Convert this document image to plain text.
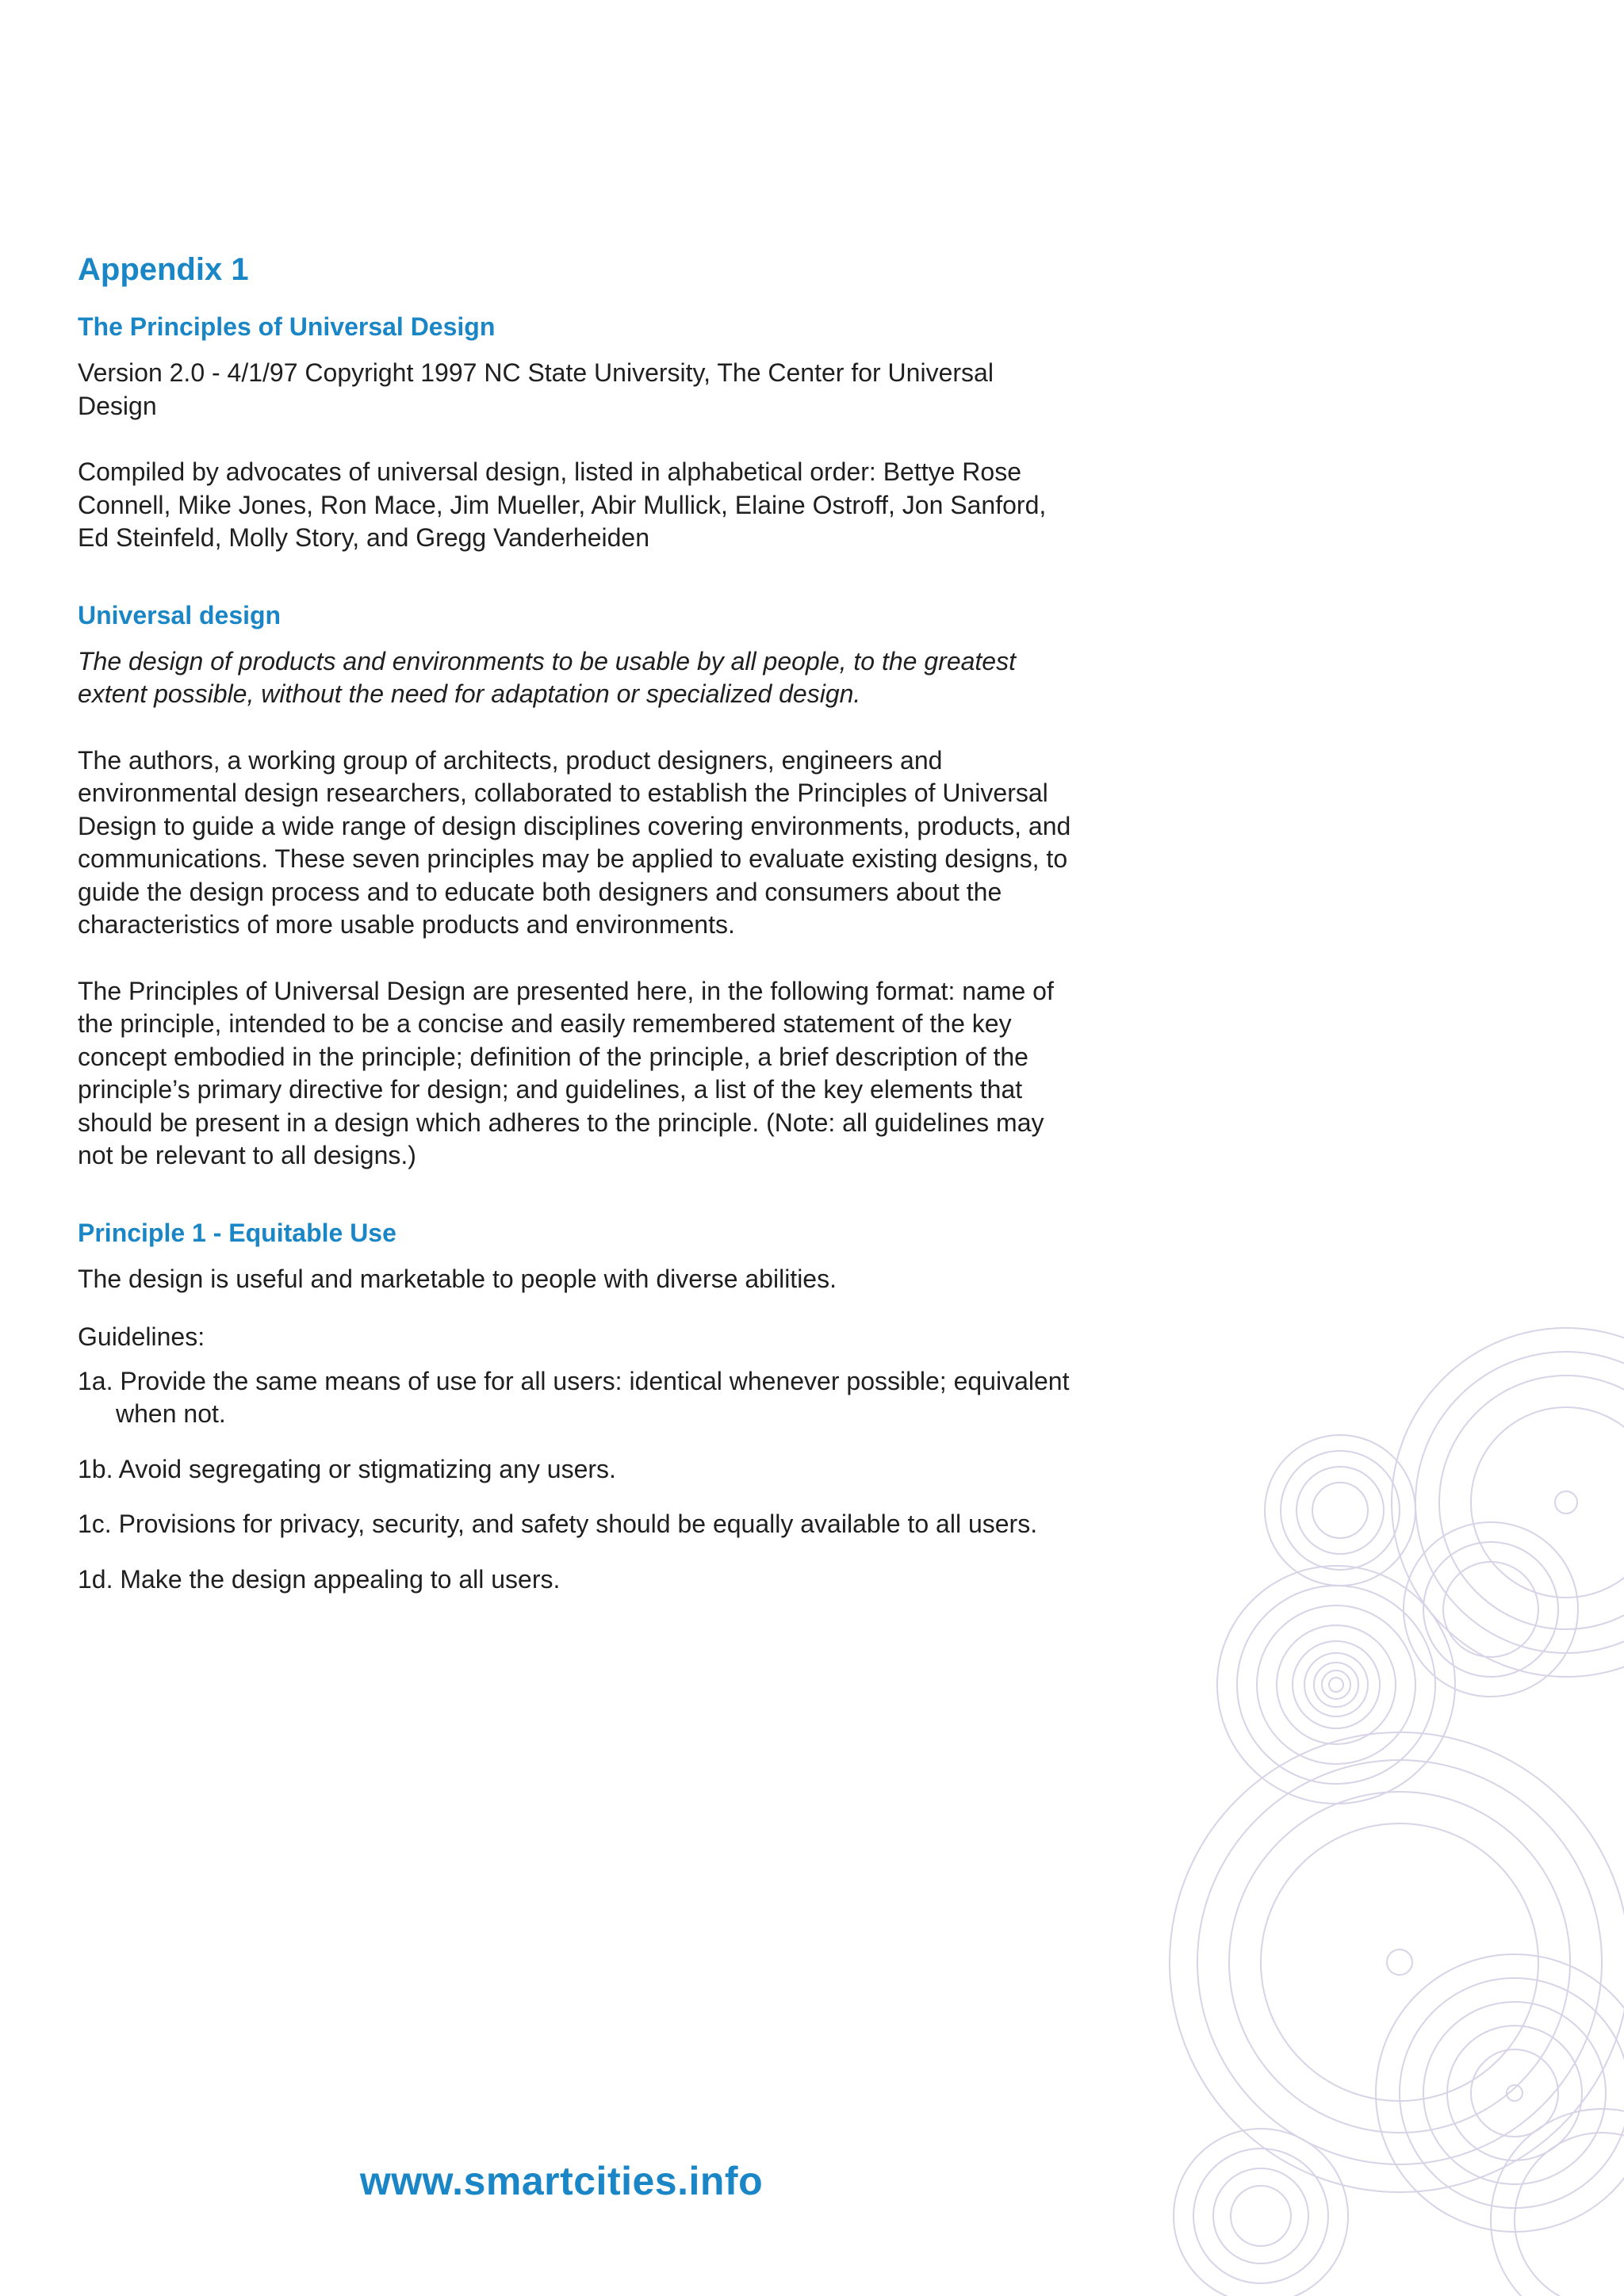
Appendix 1
The Principles of Universal Design

Version 2.0 - 4/1/97 Copyright 1997 NC State University, The Center for Universal Design

Compiled by advocates of universal design, listed in alphabetical order: Bettye Rose Connell, Mike Jones, Ron Mace, Jim Mueller, Abir Mullick, Elaine Ostroff, Jon Sanford, Ed Steinfeld, Molly Story, and Gregg Vanderheiden

Universal design

The design of products and environments to be usable by all people, to the greatest extent possible, without the need for adaptation or specialized design.

The authors, a working group of architects, product designers, engineers and environmental design researchers, collaborated to establish the Principles of Universal Design to guide a wide range of design disciplines covering environments, products, and communications. These seven principles may be applied to evaluate existing designs, to guide the design process and to educate both designers and consumers about the characteristics of more usable products and environments.

The Principles of Universal Design are presented here, in the following format: name of the principle, intended to be a concise and easily remembered statement of the key concept embodied in the principle; definition of the principle, a brief description of the principle’s primary directive for design; and guidelines, a list of the key elements that should be present in a design which adheres to the principle. (Note: all guidelines may not be relevant to all designs.)

Principle 1 - Equitable Use

The design is useful and marketable to people with diverse abilities.

Guidelines:

1a. Provide the same means of use for all users: identical whenever possible; equivalent when not.

1b. Avoid segregating or stigmatizing any users.

1c. Provisions for privacy, security, and safety should be equally available to all users.

1d. Make the design appealing to all users.

www.smartcities.info
